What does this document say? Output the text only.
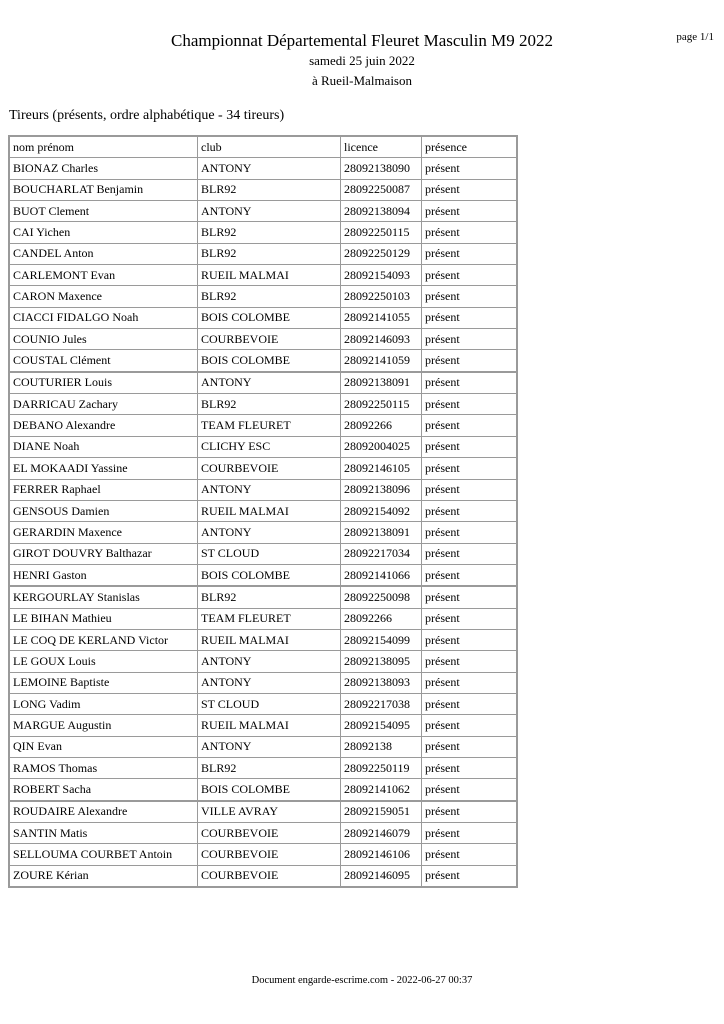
page 1/1
Championnat Départemental Fleuret Masculin M9 2022
samedi 25 juin 2022
à Rueil-Malmaison
Tireurs (présents, ordre alphabétique - 34 tireurs)
nom prénom	club	licence	présence
BIONAZ Charles	ANTONY	28092138090	présent
BOUCHARLAT Benjamin	BLR92	28092250087	présent
BUOT Clement	ANTONY	28092138094	présent
CAI Yichen	BLR92	28092250115	présent
CANDEL Anton	BLR92	28092250129	présent
CARLEMONT Evan	RUEIL MALMAI	28092154093	présent
CARON Maxence	BLR92	28092250103	présent
CIACCI FIDALGO Noah	BOIS COLOMBE	28092141055	présent
COUNIO Jules	COURBEVOIE	28092146093	présent
COUSTAL Clément	BOIS COLOMBE	28092141059	présent
COUTURIER Louis	ANTONY	28092138091	présent
DARRICAU Zachary	BLR92	28092250115	présent
DEBANO Alexandre	TEAM FLEURET	28092266	présent
DIANE Noah	CLICHY ESC	28092004025	présent
EL MOKAADI Yassine	COURBEVOIE	28092146105	présent
FERRER Raphael	ANTONY	28092138096	présent
GENSOUS Damien	RUEIL MALMAI	28092154092	présent
GERARDIN Maxence	ANTONY	28092138091	présent
GIROT DOUVRY Balthazar	ST CLOUD	28092217034	présent
HENRI Gaston	BOIS COLOMBE	28092141066	présent
KERGOURLAY Stanislas	BLR92	28092250098	présent
LE BIHAN Mathieu	TEAM FLEURET	28092266	présent
LE COQ DE KERLAND Victor	RUEIL MALMAI	28092154099	présent
LE GOUX Louis	ANTONY	28092138095	présent
LEMOINE Baptiste	ANTONY	28092138093	présent
LONG Vadim	ST CLOUD	28092217038	présent
MARGUE Augustin	RUEIL MALMAI	28092154095	présent
QIN Evan	ANTONY	28092138	présent
RAMOS Thomas	BLR92	28092250119	présent
ROBERT Sacha	BOIS COLOMBE	28092141062	présent
ROUDAIRE Alexandre	VILLE AVRAY	28092159051	présent
SANTIN Matis	COURBEVOIE	28092146079	présent
SELLOUMA COURBET Antoin	COURBEVOIE	28092146106	présent
ZOURE Kérian	COURBEVOIE	28092146095	présent
Document engarde-escrime.com - 2022-06-27 00:37
